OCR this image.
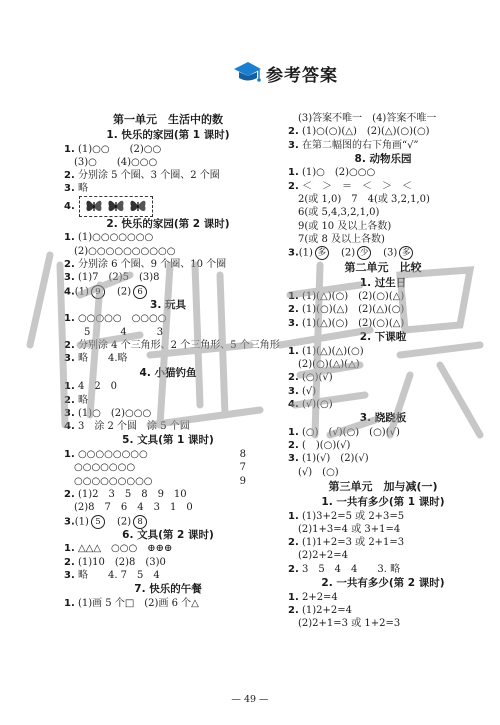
参考答案
第一单元　生活中的数
1. 快乐的家园(第 1 课时)
1. (1)○○　　(2)○○
(3)○　　(4)○○○
2. 分别涂 5 个圈、3 个圈、2 个圈
3. 略
4.
2. 快乐的家园(第 2 课时)
1. (1)○○○○○○○
(2)○○○○○○○○○○
2. 分别涂 6 个圈、9 个圈、10 个圈
3. (1)7　(2)5　(3)8
4.(1) 9　 (2) 6
3. 玩具
1. ○○○○○　○○○○
　5　　　4　　　3
2. 分别涂 4 个三角形、2 个三角形、5 个三角形
3. 略　　4.略
4. 小猫钓鱼
1. 4　2　0
2. 略
3. (1)○　(2)○○○
4. 3　涂 2 个圆　涂 5 个圆
5. 文具(第 1 课时)
1. ○○○○○○○○	8
○○○○○○○	7
○○○○○○○○○	9
2. (1)2　3　5　8　9　10
(2)8　7　6　4　3　1　0
3.(1) 5　 (2) 8
6. 文具(第 2 课时)
1. △△△　○○○　⊕⊕⊕
2. (1)10　(2)8　(3)0
3. 略　　4. 7　5　4
7. 快乐的午餐
1. (1)画 5 个□　(2)画 6 个△
(3)答案不唯一　(4)答案不唯一
2. (1)○(○)(△)　(2)(△)(○)(○)
3. 在第二幅图的右下角画“√”
8. 动物乐园
1. (1)○　(2)○○○
2. ＜　＞　＝　＜　＞　＜
2(或 1,0)　7　4(或 3,2,1,0)
6(或 5,4,3,2,1,0)
9(或 10 及以上各数)
7(或 8 及以上各数)
3.(1) 多　 (2) 少　 (3) 多
第二单元　比较
1. 过生日
1. (1)(△)(○)　(2)(○)(△)
2. (1)(○)(△)　(2)(△)(○)
3. (1)(△)(○)　(2)(○)(△)
2. 下课啦
1. (1)(△)(△)(○)
(2)(○)(△)(△)
2. (○)(√)
3. (√)
4. (√)(○)
3. 跷跷板
1. (○)　(√)(○)　(○)(√)
2. (　)(○)(√)
3. (1)(√)　(2)(√)
(√)　(○)
第三单元　加与减(一)
1. 一共有多少(第 1 课时)
1. (1)3+2=5 或 2+3=5
(2)1+3=4 或 3+1=4
2. (1)1+2=3 或 2+1=3
(2)2+2=4
2. 3　5　4　4　　3. 略
2. 一共有多少(第 2 课时)
1. 2+2=4
2. (1)2+2=4
(2)2+1=3 或 1+2=3
— 49 —
